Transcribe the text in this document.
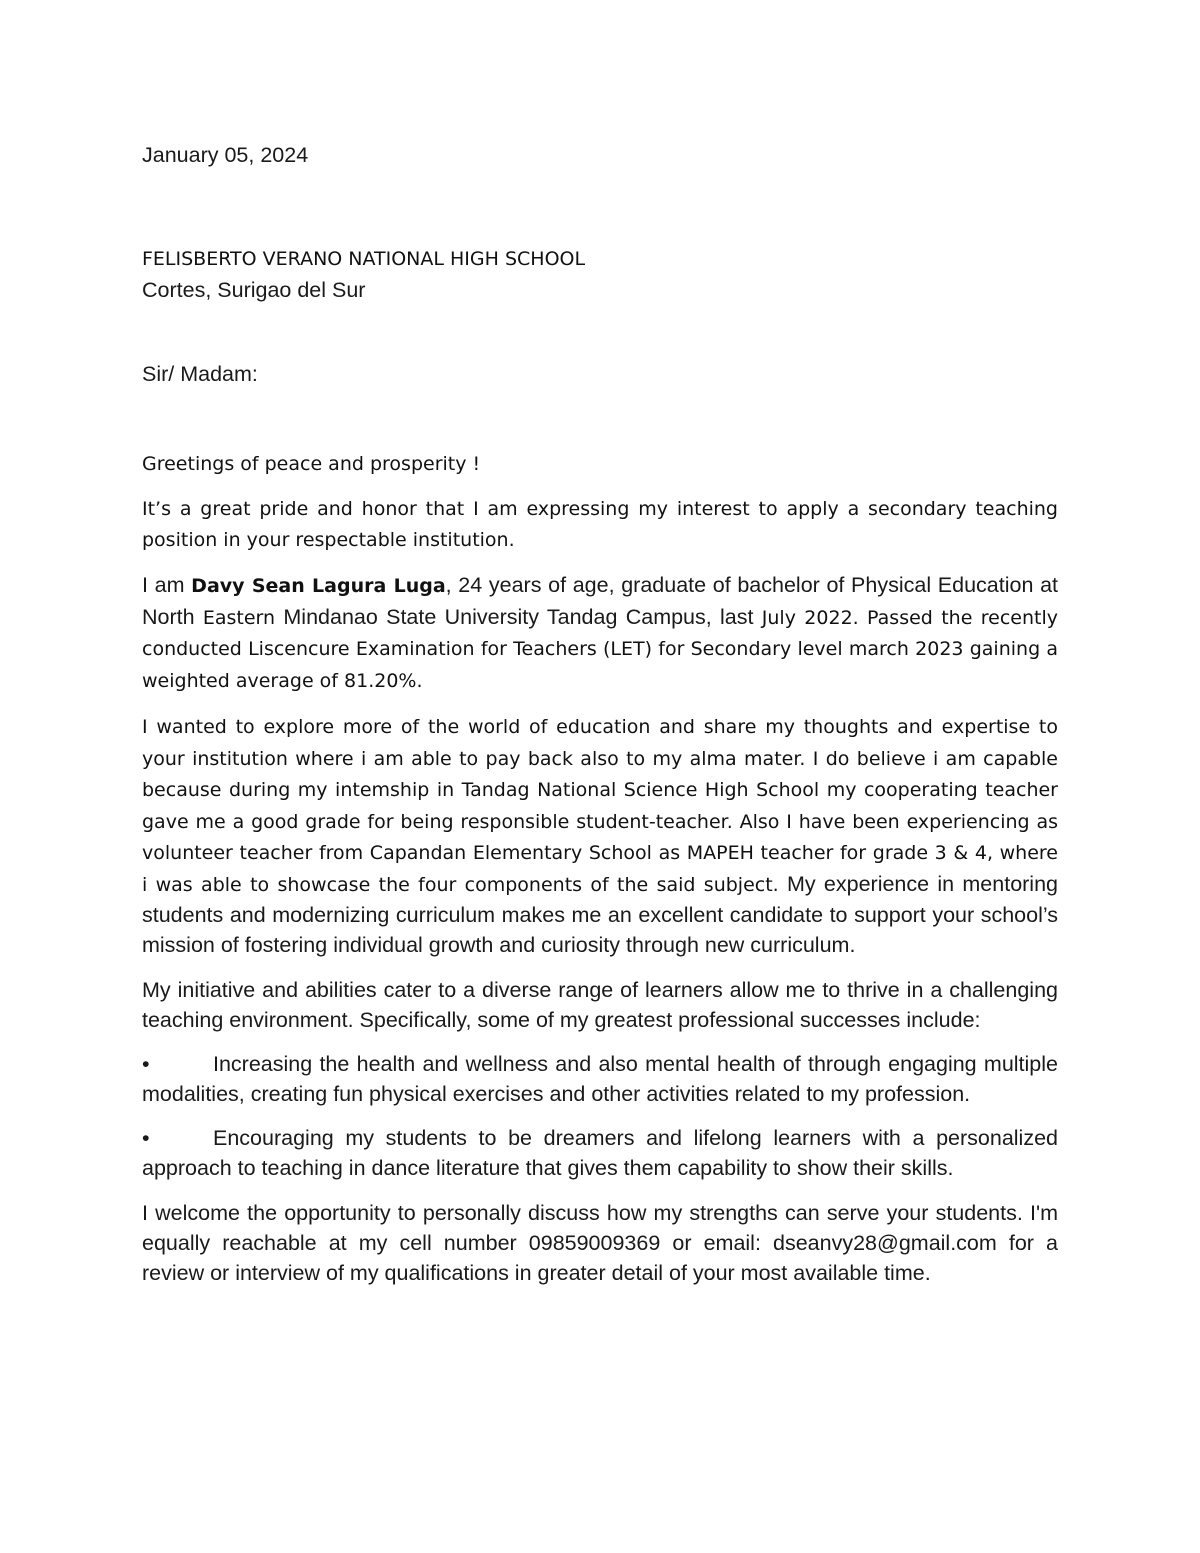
January 05, 2024

FELISBERTO VERANO NATIONAL HIGH SCHOOL

Cortes, Surigao del Sur

Sir/ Madam:

Greetings of peace and prosperity !

It’s a great pride and honor that I am expressing my interest to apply a secondary teaching position in your respectable institution.

I am Davy Sean Lagura Luga, 24 years of age, graduate of bachelor of Physical Education at North Eastern Mindanao State University Tandag Campus, last July 2022. Passed the recently conducted Liscencure Examination for Teachers (LET) for Secondary level march 2023 gaining a weighted average of 81.20%.

I wanted to explore more of the world of education and share my thoughts and expertise to your institution where i am able to pay back also to my alma mater. I do believe i am capable because during my intemship in Tandag National Science High School my cooperating teacher gave me a good grade for being responsible student-teacher. Also I have been experiencing as volunteer teacher from Capandan Elementary School as MAPEH teacher for grade 3 & 4, where i was able to showcase the four components of the said subject. My experience in mentoring students and modernizing curriculum makes me an excellent candidate to support your school’s mission of fostering individual growth and curiosity through new curriculum.

My initiative and abilities cater to a diverse range of learners allow me to thrive in a challenging teaching environment. Specifically, some of my greatest professional successes include:

•	Increasing the health and wellness and also mental health of through engaging multiple modalities, creating fun physical exercises and other activities related to my profession.

•	Encouraging my students to be dreamers and lifelong learners with a personalized approach to teaching in dance literature that gives them capability to show their skills.

I welcome the opportunity to personally discuss how my strengths can serve your students. I'm equally reachable at my cell number 09859009369 or email: dseanvy28@gmail.com for a review or interview of my qualifications in greater detail of your most available time.
